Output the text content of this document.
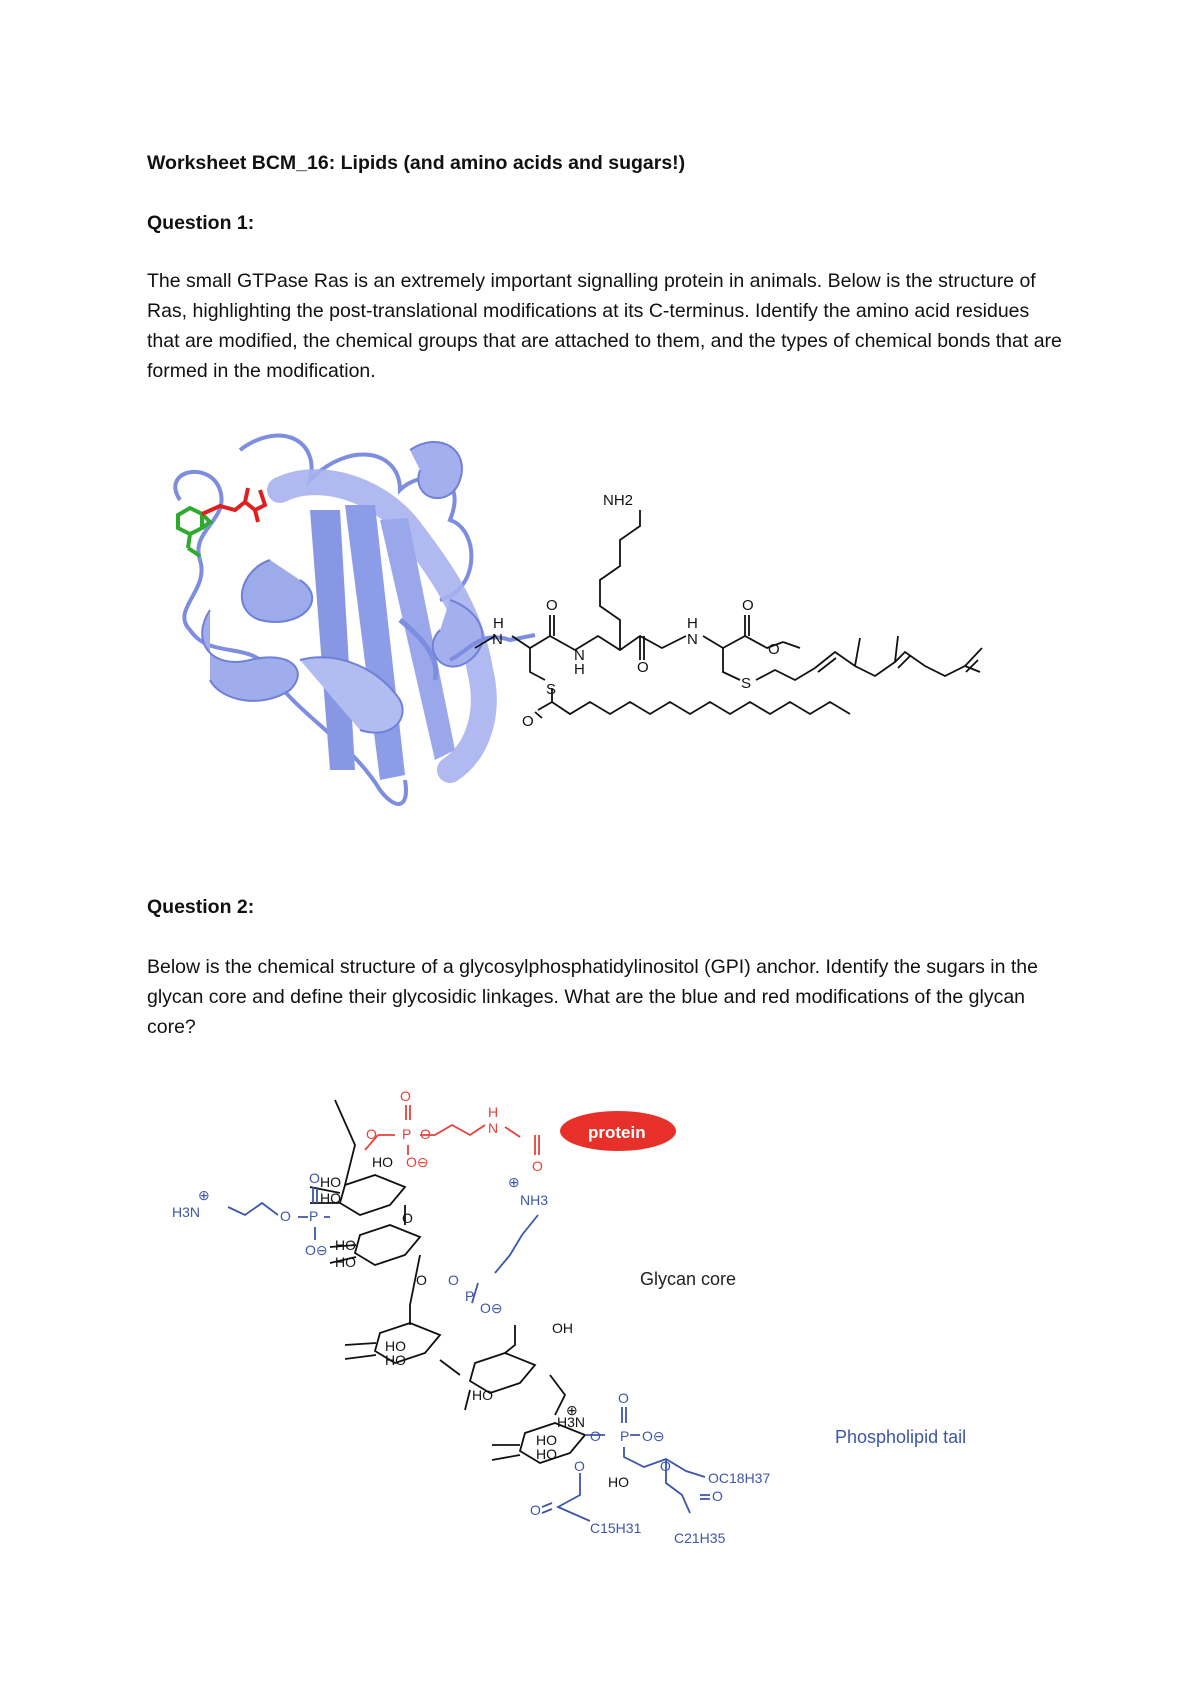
Worksheet BCM_16: Lipids (and amino acids and sugars!)
Question 1:
The small GTPase Ras is an extremely important signalling protein in animals. Below is the structure of Ras, highlighting the post-translational modifications at its C-terminus. Identify the amino acid residues that are modified, the chemical groups that are attached to them, and the types of chemical bonds that are formed in the modification.
NH2
H
N
O
N
H	O
H
N
O
O
S	S
O
Question 2:
Below is the chemical structure of a glycosylphosphatidylinositol (GPI) anchor. Identify the sugars in the glycan core and define their glycosidic linkages. What are the blue and red modifications of the glycan core?
protein
O
P
O	O
O⊖
H
N
O
HO
HO
HO
HO
HO
O
O
HO
HO
HO
OH
H3N
⊕
HO
HO
HO
H3N
⊕
O P
O
O⊖
NH3
⊕
O
P
O⊖
O
P
O	O⊖
O
O
O
O
OC18H37
C15H31
C21H35
Glycan core
Phospholipid tail
